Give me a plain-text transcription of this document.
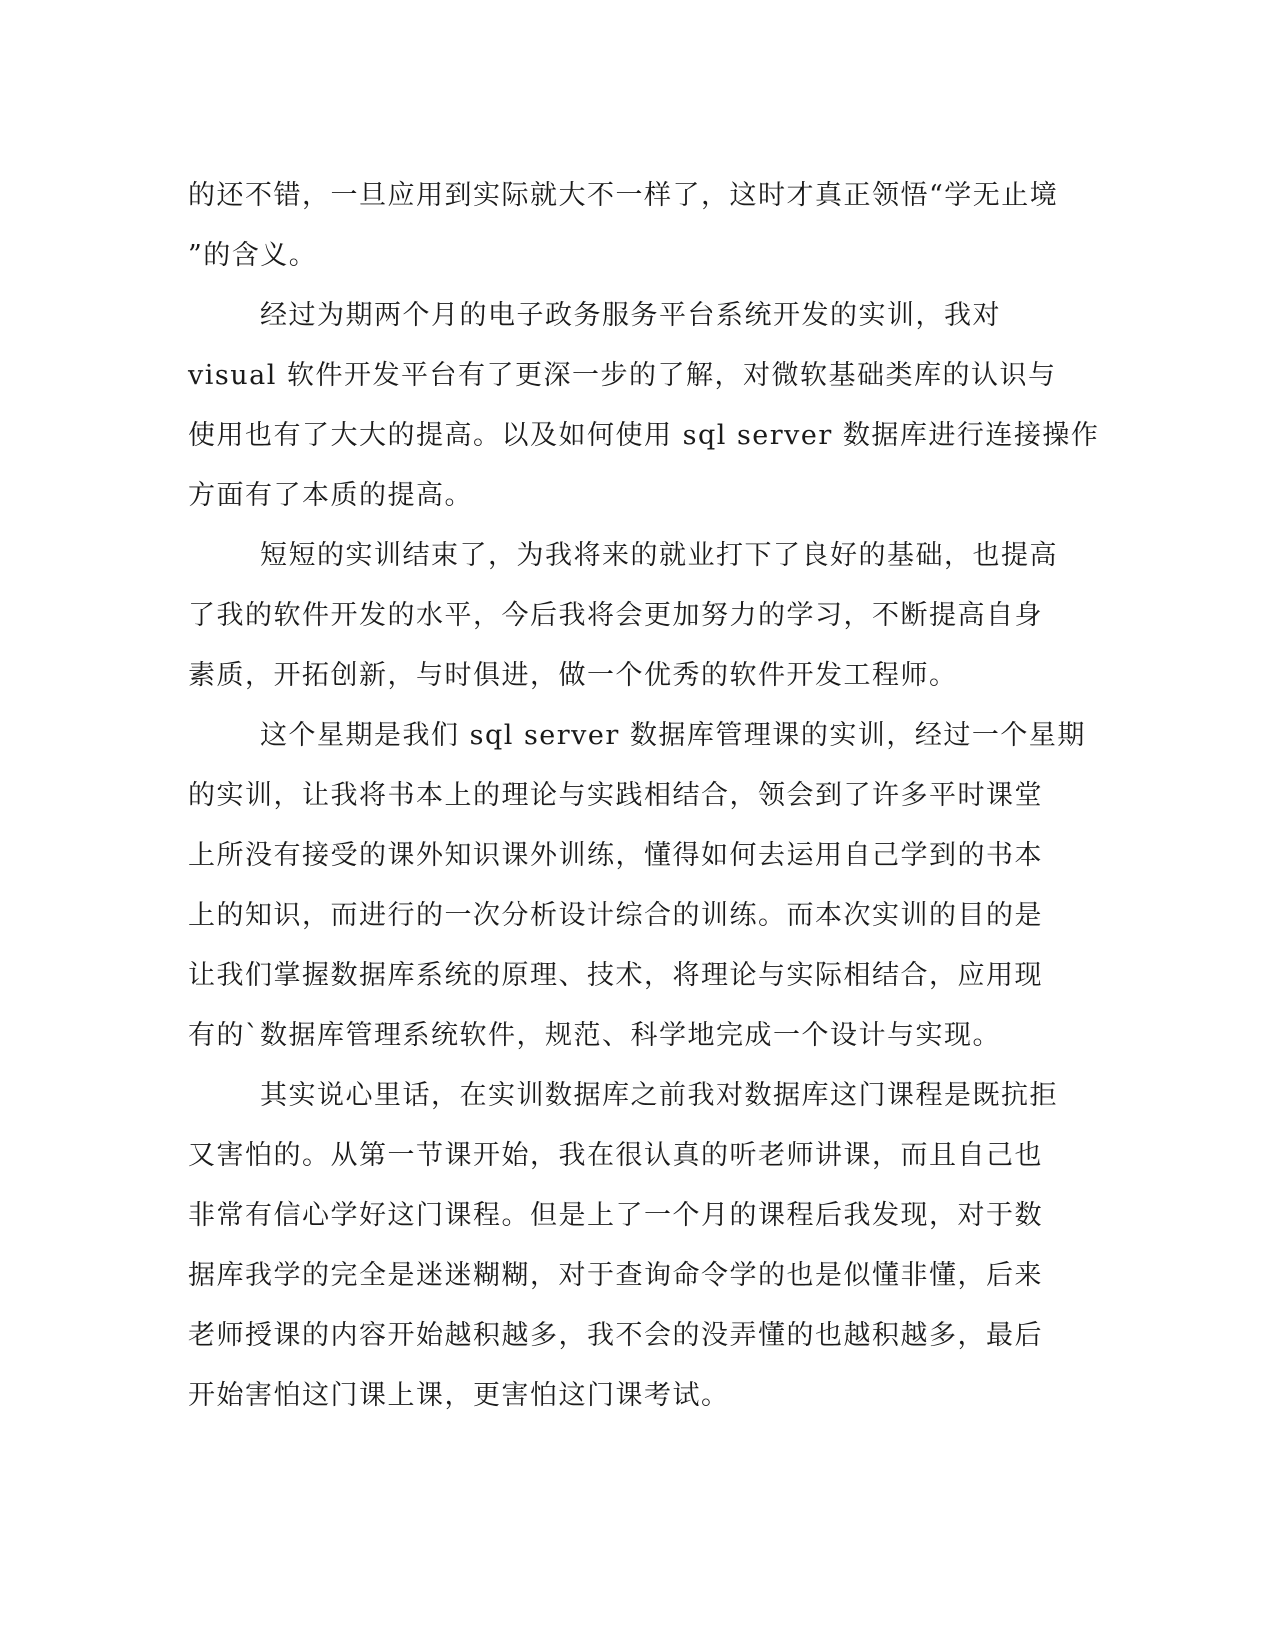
的还不错，一旦应用到实际就大不一样了，这时才真正领悟“学无止境
”的含义。
经过为期两个月的电子政务服务平台系统开发的实训，我对
visual 软件开发平台有了更深一步的了解，对微软基础类库的认识与
使用也有了大大的提高。以及如何使用 sql server 数据库进行连接操作
方面有了本质的提高。
短短的实训结束了，为我将来的就业打下了良好的基础，也提高
了我的软件开发的水平，今后我将会更加努力的学习，不断提高自身
素质，开拓创新，与时俱进，做一个优秀的软件开发工程师。
这个星期是我们 sql server 数据库管理课的实训，经过一个星期
的实训，让我将书本上的理论与实践相结合，领会到了许多平时课堂
上所没有接受的课外知识课外训练，懂得如何去运用自己学到的书本
上的知识，而进行的一次分析设计综合的训练。而本次实训的目的是
让我们掌握数据库系统的原理、技术，将理论与实际相结合，应用现
有的`数据库管理系统软件，规范、科学地完成一个设计与实现。
其实说心里话，在实训数据库之前我对数据库这门课程是既抗拒
又害怕的。从第一节课开始，我在很认真的听老师讲课，而且自己也
非常有信心学好这门课程。但是上了一个月的课程后我发现，对于数
据库我学的完全是迷迷糊糊，对于查询命令学的也是似懂非懂，后来
老师授课的内容开始越积越多，我不会的没弄懂的也越积越多，最后
开始害怕这门课上课，更害怕这门课考试。
